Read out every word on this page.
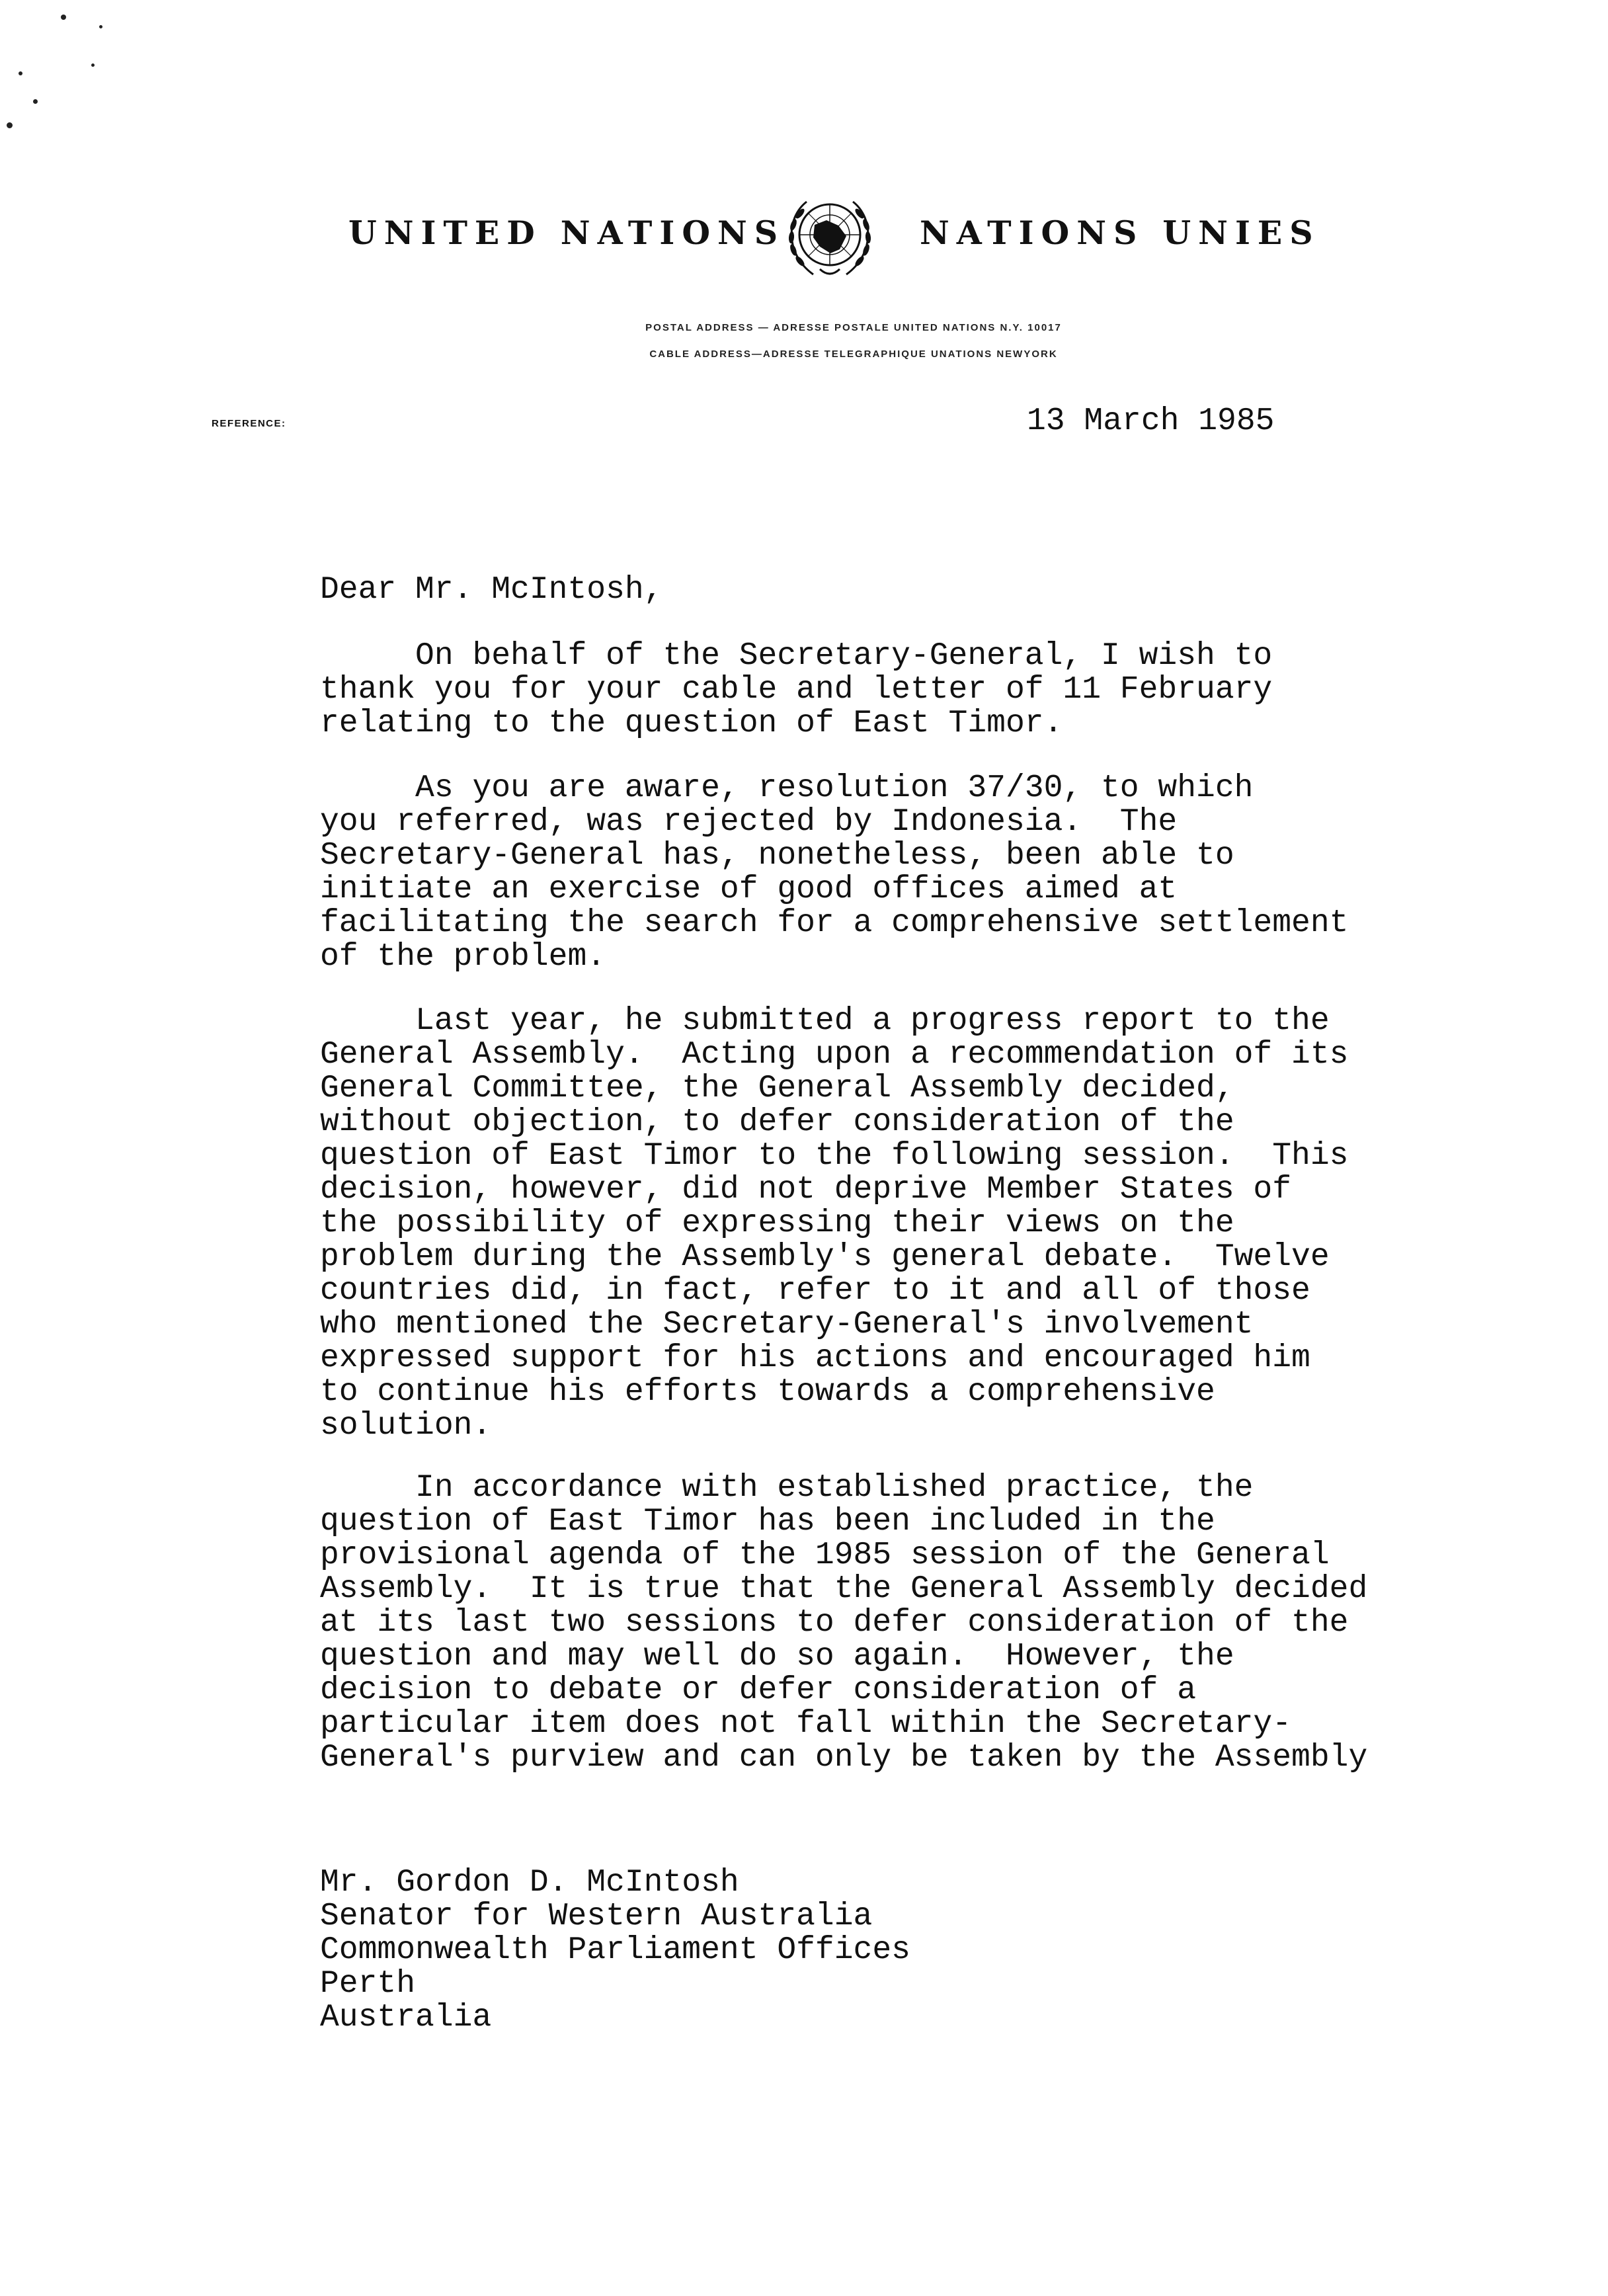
UNITED NATIONS	NATIONS UNIES
POSTAL ADDRESS — ADRESSE POSTALE UNITED NATIONS N.Y. 10017
CABLE ADDRESS—ADRESSE TELEGRAPHIQUE UNATIONS NEWYORK
REFERENCE:	13 March 1985
Dear Mr. McIntosh,
On behalf of the Secretary-General, I wish to
thank you for your cable and letter of 11 February
relating to the question of East Timor.
As you are aware, resolution 37/30, to which
you referred, was rejected by Indonesia.  The
Secretary-General has, nonetheless, been able to
initiate an exercise of good offices aimed at
facilitating the search for a comprehensive settlement
of the problem.
Last year, he submitted a progress report to the
General Assembly.  Acting upon a recommendation of its
General Committee, the General Assembly decided,
without objection, to defer consideration of the
question of East Timor to the following session.  This
decision, however, did not deprive Member States of
the possibility of expressing their views on the
problem during the Assembly's general debate.  Twelve
countries did, in fact, refer to it and all of those
who mentioned the Secretary-General's involvement
expressed support for his actions and encouraged him
to continue his efforts towards a comprehensive
solution.
In accordance with established practice, the
question of East Timor has been included in the
provisional agenda of the 1985 session of the General
Assembly.  It is true that the General Assembly decided
at its last two sessions to defer consideration of the
question and may well do so again.  However, the
decision to debate or defer consideration of a
particular item does not fall within the Secretary-
General's purview and can only be taken by the Assembly
Mr. Gordon D. McIntosh
Senator for Western Australia
Commonwealth Parliament Offices
Perth
Australia
